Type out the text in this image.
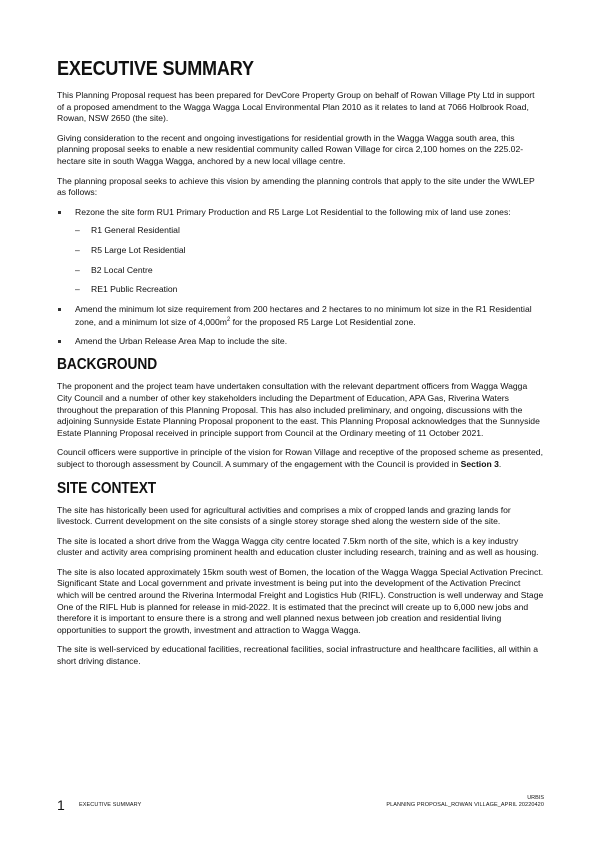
EXECUTIVE SUMMARY

This Planning Proposal request has been prepared for DevCore Property Group on behalf of Rowan Village Pty Ltd in support of a proposed amendment to the Wagga Wagga Local Environmental Plan 2010 as it relates to land at 7066 Holbrook Road, Rowan, NSW 2650 (the site).

Giving consideration to the recent and ongoing investigations for residential growth in the Wagga Wagga south area, this planning proposal seeks to enable a new residential community called Rowan Village for circa 2,100 homes on the 225.02-hectare site in south Wagga Wagga, anchored by a new local village centre.

The planning proposal seeks to achieve this vision by amending the planning controls that apply to the site under the WWLEP as follows:

Rezone the site form RU1 Primary Production and R5 Large Lot Residential to the following mix of land use zones:
– R1 General Residential
– R5 Large Lot Residential
– B2 Local Centre
– RE1 Public Recreation
Amend the minimum lot size requirement from 200 hectares and 2 hectares to no minimum lot size in the R1 Residential zone, and a minimum lot size of $4,000m^2$ for the proposed R5 Large Lot Residential zone.
Amend the Urban Release Area Map to include the site.
BACKGROUND

The proponent and the project team have undertaken consultation with the relevant department officers from Wagga Wagga City Council and a number of other key stakeholders including the Department of Education, APA Gas, Riverina Waters throughout the preparation of this Planning Proposal. This has also included preliminary, and ongoing, discussions with the adjoining Sunnyside Estate Planning Proposal proponent to the east. This Planning Proposal acknowledges that the Sunnyside Estate Planning Proposal received in principle support from Council at the Ordinary meeting of 11 October 2021.

Council officers were supportive in principle of the vision for Rowan Village and receptive of the proposed scheme as presented, subject to thorough assessment by Council. A summary of the engagement with the Council is provided in Section 3.

SITE CONTEXT

The site has historically been used for agricultural activities and comprises a mix of cropped lands and grazing lands for livestock. Current development on the site consists of a single storey storage shed along the western side of the site.

The site is located a short drive from the Wagga Wagga city centre located 7.5km north of the site, which is a key industry cluster and activity area comprising prominent health and education cluster including research, training and as well as housing.

The site is also located approximately 15km south west of Bomen, the location of the Wagga Wagga Special Activation Precinct. Significant State and Local government and private investment is being put into the development of the Activation Precinct which will be centred around the Riverina Intermodal Freight and Logistics Hub (RIFL). Construction is well underway and Stage One of the RIFL Hub is planned for release in mid-2022. It is estimated that the precinct will create up to 6,000 new jobs and therefore it is important to ensure there is a strong and well planned nexus between job creation and residential living opportunities to support the growth, investment and attraction to Wagga Wagga.

The site is well-serviced by educational facilities, recreational facilities, social infrastructure and healthcare facilities, all within a short driving distance.

1	EXECUTIVE SUMMARY
URBIS
PLANNING PROPOSAL_ROWAN VILLAGE_APRIL 20220420
